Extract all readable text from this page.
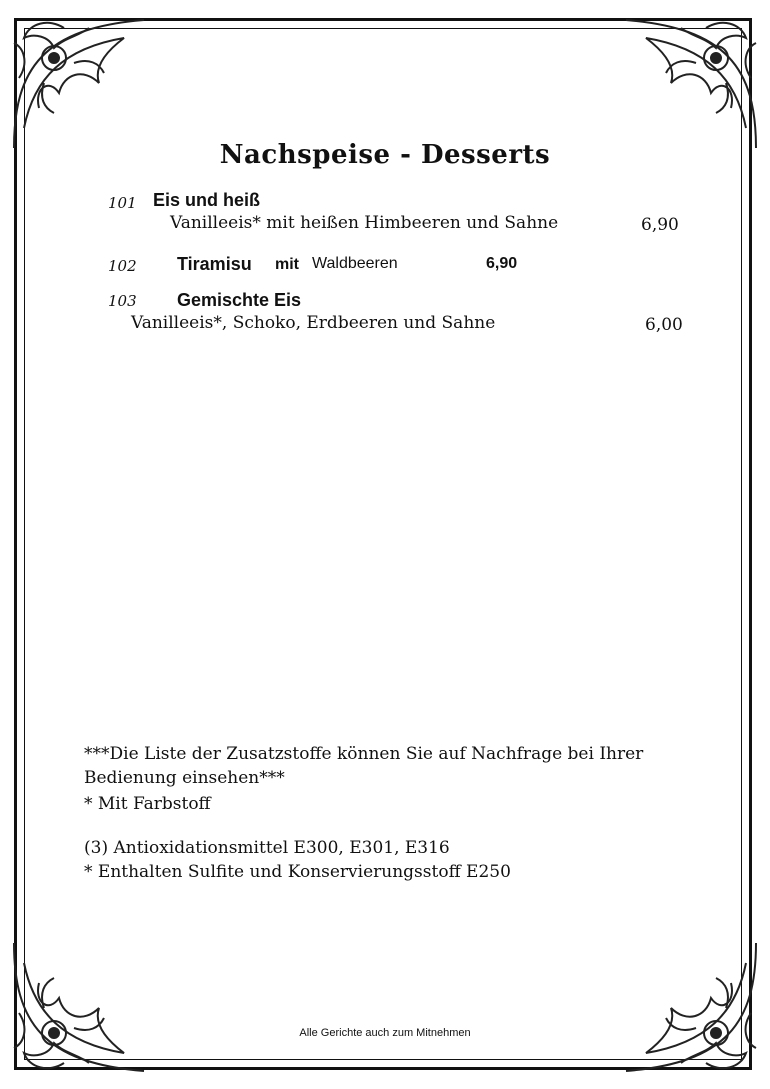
Nachspeise - Desserts
101 Eis und heiß
Vanilleeis* mit heißen Himbeeren und Sahne	6,90
102 Tiramisu mit Waldbeeren	6,90
103 Gemischte Eis
Vanilleeis*, Schoko, Erdbeeren und Sahne	6,00
***Die Liste der Zusatzstoffe können Sie auf Nachfrage bei Ihrer
Bedienung einsehen***
* Mit Farbstoff
(3) Antioxidationsmittel E300, E301, E316
* Enthalten Sulfite und Konservierungsstoff E250
Alle Gerichte auch zum Mitnehmen
